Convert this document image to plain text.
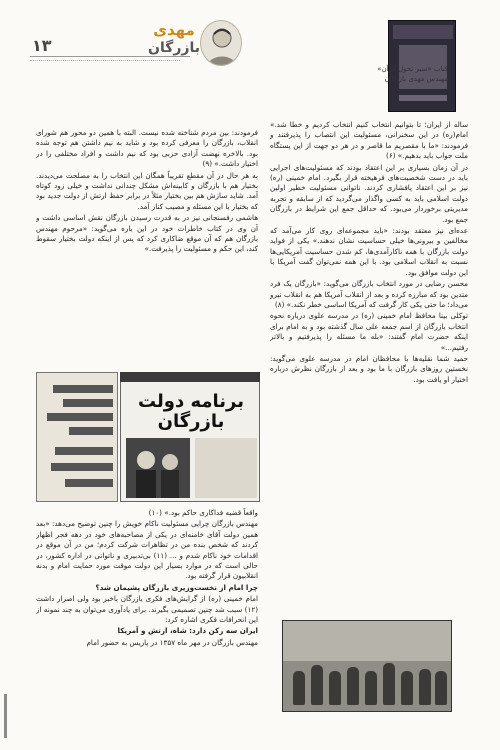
۱۳
مهدی
بازرگان
کتاب «سیر تحول قرآن»
مهندس مهدی بازرگان

ساله از ایران؛ تا بتوانیم انتخاب کنیم انتخاب کردیم و خطا شد.» امام(ره) در این سخنرانی، مسئولیت این انتصاب را پذیرفتند و فرمودند: «ما با مقصریم ما قاصر و در هر دو جهت از این پستگاه ملت جواب باید بدهیم.» (۶)

در آن زمان بسیاری بر این اعتقاد بودند که مسئولیت‌های اجرایی باید در دست شخصیت‌های فرهیخته قرار بگیرد. امام خمینی (ره) نیز بر این اعتقاد پافشاری کردند. ناتوانی مسئولیت خطیر اولین دولت اسلامی باید به کسی واگذار می‌گردید که از سابقه و تجربه مدیریتی برخوردار می‌بود. که حداقل جمع این شرایط در بازرگان جمع بود.

عده‌ای نیز معتقد بودند: «باید مجموعه‌ای روی کار می‌آمد که مخالفین و بیرونی‌ها خیلی حساسیت نشان ندهند.» یکی از فواید دولت بازرگان با همه ناکارآمدی‌ها، کم شدن حساسیت آمریکایی‌ها نسبت به انقلاب اسلامی بود. با این همه نمی‌توان گفت آمریکا با این دولت موافق بود.

محسن رضایی در مورد انتخاب بازرگان می‌گوید: «بازرگان یک فرد متدین بود که مبارزه کرده و بعد از انقلاب آمریکا هم به انقلاب نیرو می‌داد؛ ما حتی یکی کار گرفت که آمریکا اساسی خطر نکند.» (۸)

توکلی بینا محافظ امام خمینی (ره) در مدرسه علوی درباره نحوه انتخاب بازرگان از اسم جمعه علی سال گذشته بود و به امام برای اینکه حضرت امام گفتند: «بله ما مسئله را پذیرفتیم و بالاتر رفتیم...»

حمید شما نقلیه‌ها با محافظان امام در مدرسه علوی می‌گوید: نخستین روزهای بازرگان با ما بود و بعد از بازرگان نظرش درباره اختیار او یافت بود.

فرمودند: بین مردم شناخته شده نیست. البته با همین دو محور هم شورای انقلاب، بازرگان را معرفی کرده بود و شاید به نیم داشتن هم توجه شده بود. بالاخره نهضت آزادی حزبی بود که نیم داشت و افراد مختلفی را در اختیار داشت.» (۹)

به هر حال در آن مقطع تقریباً همگان این انتخاب را به مصلحت می‌دیدند. بختیار هم با بازرگان و کابینه‌اش مشکل چندانی نداشت و خیلی زود کوتاه آمد. شاید سازش هم بین بختیار مثلاً در برابر حفظ ارتش از دولت جدید بود که بختیار با این مسئله و مصیب کنار آمد.

هاشمی رفسنجانی نیز در به قدرت رسیدن بازرگان نقش اساسی داشت و آن وی در کتاب خاطرات خود در این باره می‌گوید: «مرحوم مهندس بازرگان هم که آن موقع ضاکاری کرد که پس از اینکه دولت بختیار سقوط کند، این حکم و مسئولیت را پذیرفت.»

برنامه دولت بازرگان

واقعاً قضیه فداکاری حاکم بود.» (۱۰)

مهندس بازرگان چرایی مسئولیت ناکام خویش را چنین توضیح می‌دهد: «بعد همین دولت آقای خامنه‌ای در یکی از مصاحبه‌های خود در دهه فجر اظهار کردند که شخص بنده من در تظاهرات شرکت کردم؛ من در آن موقع در اقدامات خود ناکام شدم و ... (۱۱) بی‌تدبیری و ناتوانی در اداره کشور، در حالی است که در موارد بسیار این دولت موقت مورد حمایت امام و بدنه انقلابیون قرار گرفته بود.

چرا امام از نخست‌وزیری بازرگان پشیمان شد؟

امام خمینی (ره) از گرایش‌های فکری بازرگان باخبر بود ولی اصرار داشت (۱۲) سبب شد چنین تصمیمی بگیرند. برای یادآوری می‌توان به چند نمونه از این انحرافات فکری اشاره کرد:

ایران سه رکن دارد: شاه، ارتش و آمریکا

مهندس بازرگان در مهر ماه ۱۳۵۷ در پاریس به حضور امام
